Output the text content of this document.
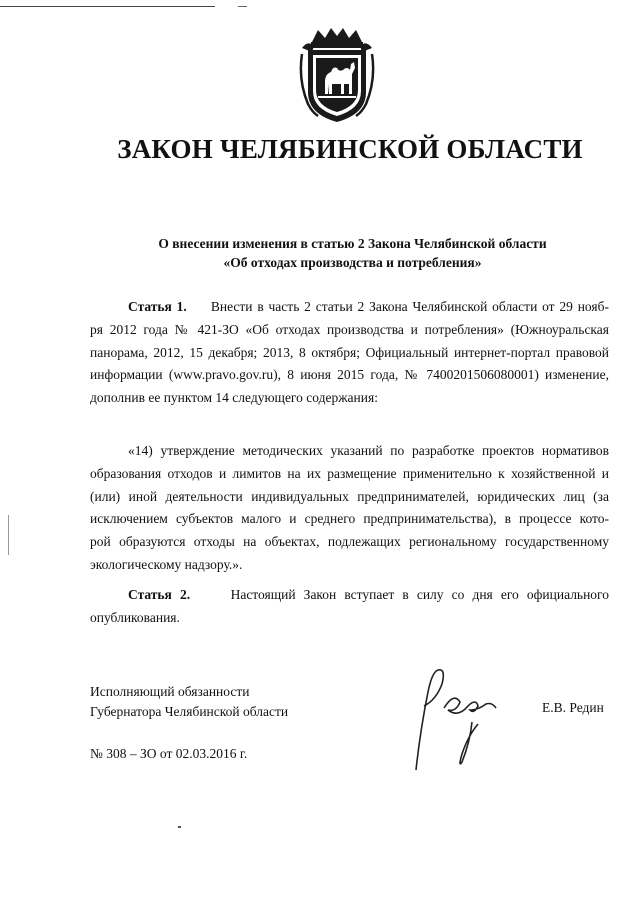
ЗАКОН ЧЕЛЯБИНСКОЙ ОБЛАСТИ
О внесении изменения в статью 2 Закона Челябинской области
«Об отходах производства и потребления»
Статья 1. Внести в часть 2 статьи 2 Закона Челябинской области от 29 нояб-
ря 2012 года № 421-ЗО «Об отходах производства и потребления» (Южноуральская
панорама, 2012, 15 декабря; 2013, 8 октября; Официальный интернет-портал правовой
информации (www.pravo.gov.ru), 8 июня 2015 года, № 7400201506080001) изменение,
дополнив ее пунктом 14 следующего содержания:
«14) утверждение методических указаний по разработке проектов нормативов
образования отходов и лимитов на их размещение применительно к хозяйственной и
(или) иной деятельности индивидуальных предпринимателей, юридических лиц (за
исключением субъектов малого и среднего предпринимательства), в процессе кото-
рой образуются отходы на объектах, подлежащих региональному государственному
экологическому надзору.».
Статья 2.	Настоящий Закон вступает в силу со дня его официального
опубликования.
Исполняющий обязанности
Губернатора Челябинской области	Е.В. Редин
№ 308 – ЗО от 02.03.2016 г.
